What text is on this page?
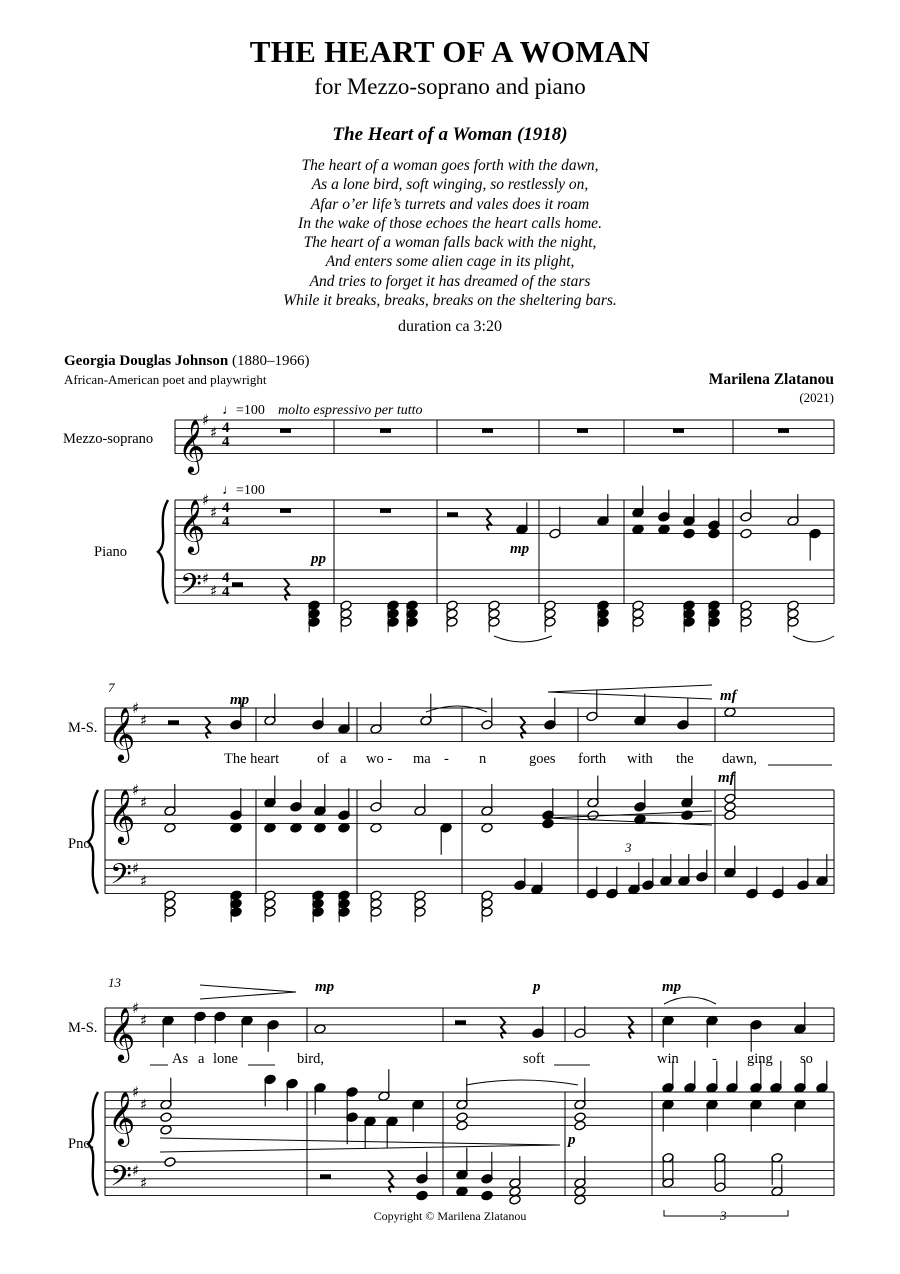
THE HEART OF A WOMAN
for Mezzo-soprano and piano
The Heart of a Woman (1918)
The heart of a woman goes forth with the dawn,
As a lone bird, soft winging, so restlessly on,
Afar o’er life’s turrets and vales does it roam
In the wake of those echoes the heart calls home.
The heart of a woman falls back with the night,
And enters some alien cage in its plight,
And tries to forget it has dreamed of the stars
While it breaks, breaks, breaks on the sheltering bars.
duration ca 3:20
Georgia Douglas Johnson (1880–1966)
African-American poet and playwright	Marilena Zlatanou
(2021)
𝄞
𝄞
𝄢
♯
♯
♯
♯
♯
♯
𝄞
𝄞
𝄢
♯
♯
♯
♯
♯
♯
𝄞
𝄞
𝄢
♯
♯
♯
♯
♯
♯
Mezzo-soprano
Piano
M-S.
Pno.
M-S.
Pno.
♩=100 molto espressivo per tutto
♩=100
4
4
4
4
4
4
7
13
pp
mp
mp	mf
mf
mp	p	mp
p
3
3
The heart	of a wo - ma - n	goes forth with the dawn,
As a lone	bird,	soft	win - ging so
Copyright © Marilena Zlatanou
